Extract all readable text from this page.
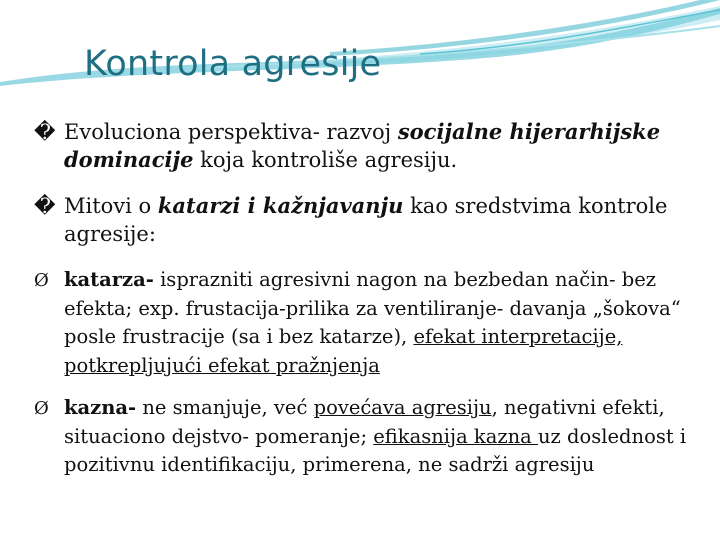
Kontrola agresije
� Evoluciona perspektiva- razvoj socijalne hijerarhijske dominacije koja kontroliše agresiju.
� Mitovi o katarzi i kažnjavanju kao sredstvima kontrole agresije:
Ø katarza- isprazniti agresivni nagon na bezbedan način- bez efekta; exp. frustacija-prilika za ventiliranje- davanja „šokova“ posle frustracije (sa i bez katarze), efekat interpretacije, potkrepljujući efekat pražnjenja
Ø kazna- ne smanjuje, već povećava agresiju, negativni efekti, situaciono dejstvo- pomeranje; efikasnija kazna uz doslednost i pozitivnu identifikaciju, primerena, ne sadrži agresiju
